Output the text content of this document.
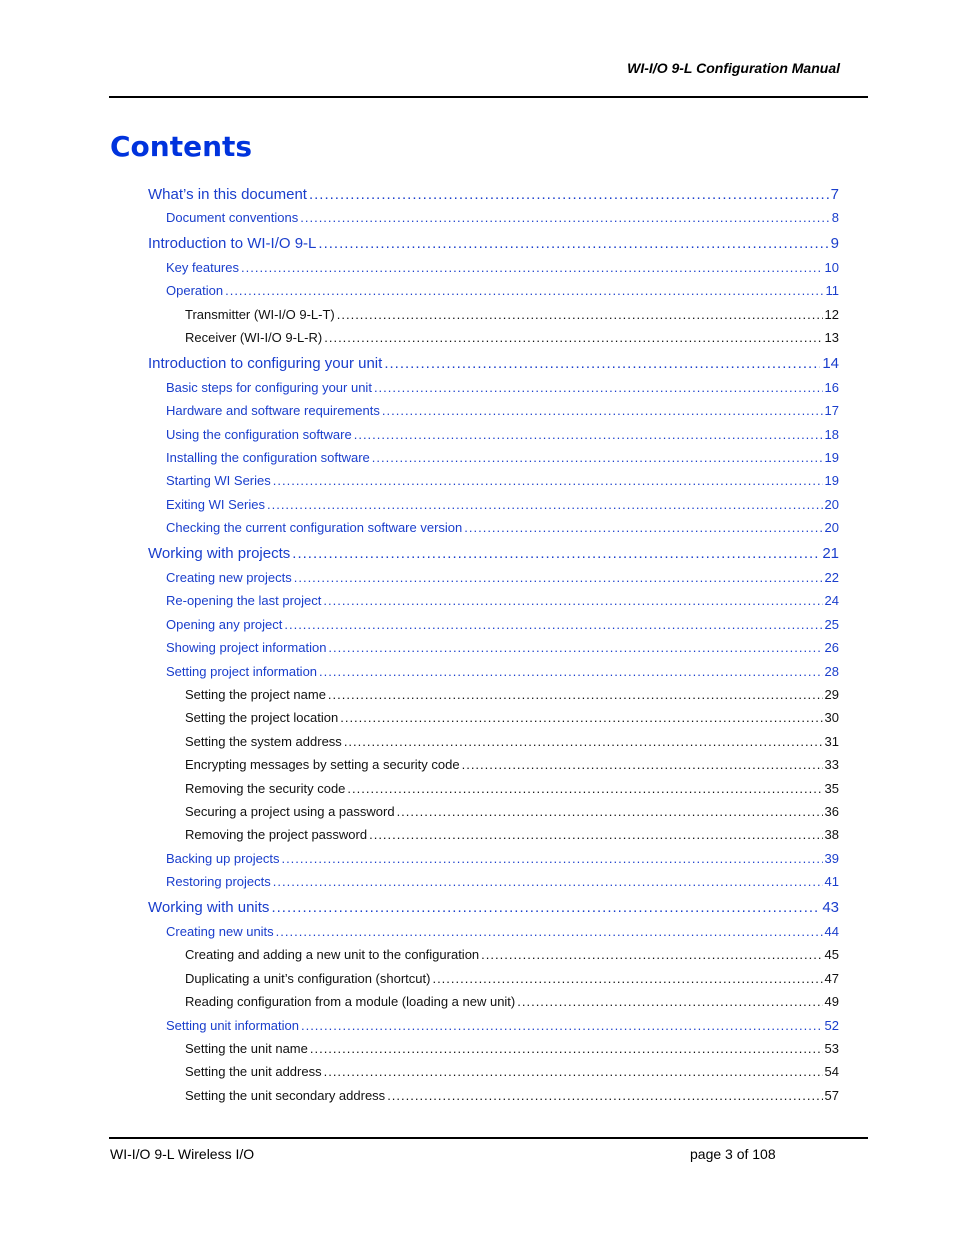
WI-I/O 9-L Configuration Manual
Contents
What’s in this document .....	7
Document conventions .....	8
Introduction to WI-I/O 9-L .....	9
Key features .....	10
Operation .....	11
Transmitter (WI-I/O 9-L-T) .....	12
Receiver (WI-I/O 9-L-R) .....	13
Introduction to configuring your unit .....	14
Basic steps for configuring your unit .....	16
Hardware and software requirements .....	17
Using the configuration software .....	18
Installing the configuration software .....	19
Starting WI Series .....	19
Exiting WI Series .....	20
Checking the current configuration software version .....	20
Working with projects .....	21
Creating new projects .....	22
Re-opening the last project .....	24
Opening any project .....	25
Showing project information .....	26
Setting project information .....	28
Setting the project name .....	29
Setting the project location .....	30
Setting the system address .....	31
Encrypting messages by setting a security code .....	33
Removing the security code .....	35
Securing a project using a password .....	36
Removing the project password .....	38
Backing up projects .....	39
Restoring projects .....	41
Working with units .....	43
Creating new units .....	44
Creating and adding a new unit to the configuration .....	45
Duplicating a unit’s configuration (shortcut) .....	47
Reading configuration from a module (loading a new unit) .....	49
Setting unit information .....	52
Setting the unit name .....	53
Setting the unit address .....	54
Setting the unit secondary address .....	57
WI-I/O 9-L Wireless I/O	page 3 of 108
